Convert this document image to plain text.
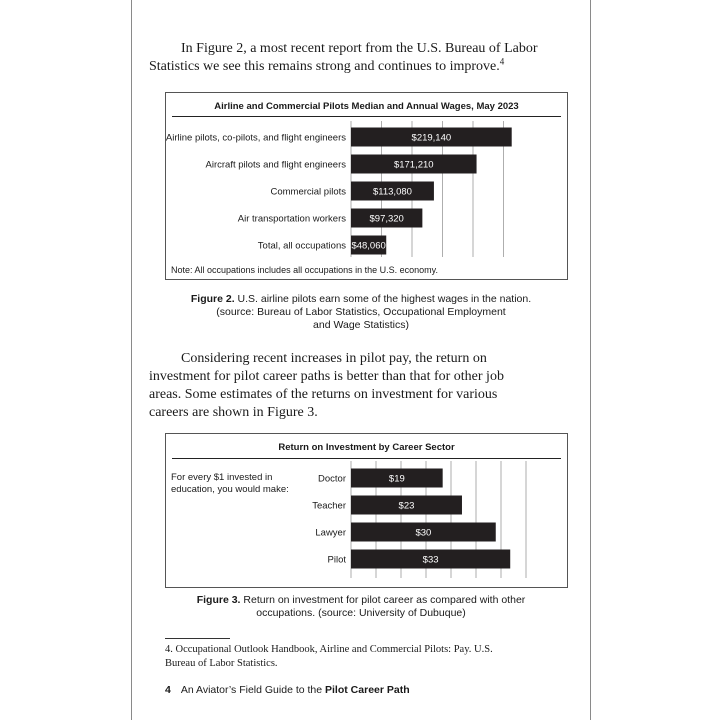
In Figure 2, a most recent report from the U.S. Bureau of Labor
Statistics we see this remains strong and continues to improve.$^4$

Airline and Commercial Pilots Median and Annual Wages, May 2023
Airline pilots, co-pilots, and flight engineers	$219,140
Aircraft pilots and flight engineers	$171,210
Commercial pilots	$113,080
Air transportation workers $97,320
Total, all occupations $48,060
Note: All occupations includes all occupations in the U.S. economy.
Figure 2. U.S. airline pilots earn some of the highest wages in the nation.
(source: Bureau of Labor Statistics, Occupational Employment
and Wage Statistics)

Considering recent increases in pilot pay, the return on
investment for pilot career paths is better than that for other job
areas. Some estimates of the returns on investment for various
careers are shown in Figure 3.

Return on Investment by Career Sector
For every $1 invested in
education, you would make:
Doctor	$19
Teacher	$23
Lawyer	$30
Pilot	$33
Figure 3. Return on investment for pilot career as compared with other
occupations. (source: University of Dubuque)
4. Occupational Outlook Handbook, Airline and Commercial Pilots: Pay. U.S.
Bureau of Labor Statistics.
4 An Aviator’s Field Guide to the Pilot Career Path
